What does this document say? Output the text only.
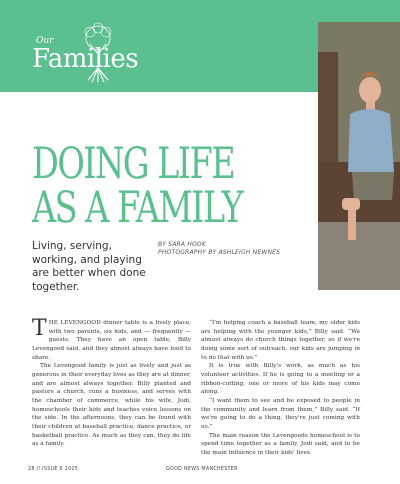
Our
Families
DOING LIFE
AS A FAMILY
Living, serving, working, and playing are better when done together.
BY SARA HOOK
PHOTOGRAPHY BY ASHLEIGH NEWNES

THE LEVENGOOD dinner table is a lively place, with two parents, six kids, and — frequently — guests. They have an open table, Billy Levengood said, and they almost always have food to share.

The Levengood family is just as lively and just as generous in their everyday lives as they are at dinner, and are almost always together. Billy planted and pastors a church, runs a business, and serves with the chamber of commerce, while his wife, Jodi, homeschools their kids and teaches voice lessons on the side. In the afternoons, they can be found with their children at baseball practice, dance practice, or basketball practice. As much as they can, they do life as a family.

“I'm helping coach a baseball team, my older kids are helping with the younger kids,” Billy said. “We almost always do church things together, so if we're doing some sort of outreach, our kids are jumping in to do that with us.”

It is true with Billy's work, as much as his volunteer activities. If he is going to a meeting or a ribbon-cutting, one or more of his kids may come along.

“I want them to see and be exposed to people in the community and learn from them,” Billy said. “If we're going to do a thing, they're just coming with us.”

The main reason the Levengoods homeschool is to spend time together as a family, Jodi said, and to be the main influence in their kids' lives.

28 // ISSUE 6 2025	GOOD NEWS MANCHESTER
